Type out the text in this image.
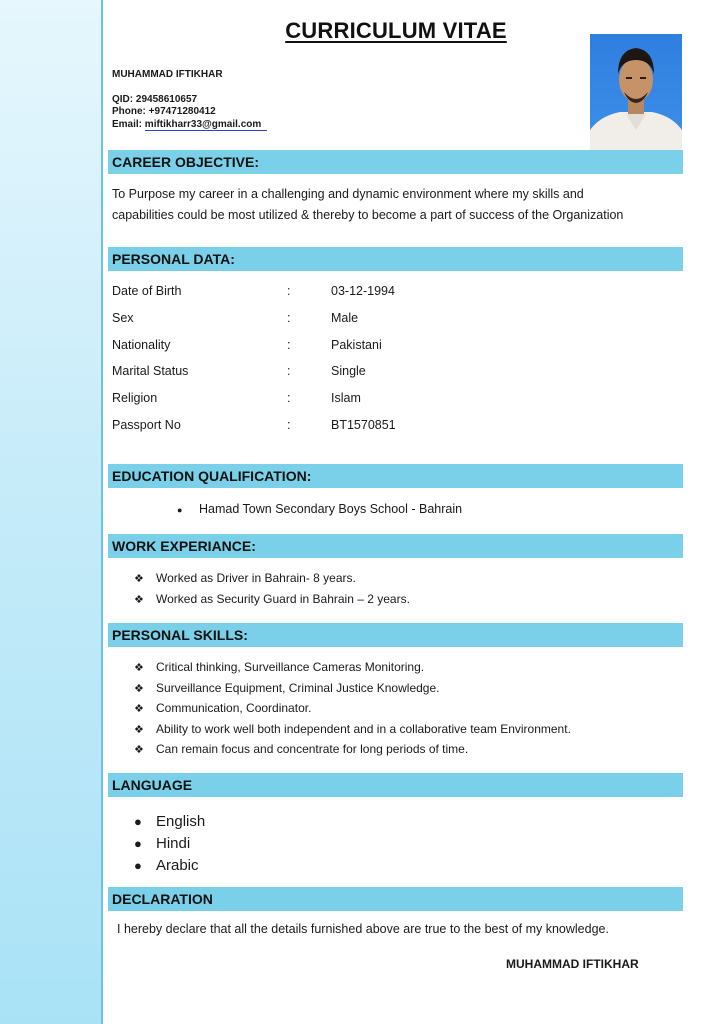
CURRICULUM VITAE
MUHAMMAD IFTIKHAR
QID: 29458610657
Phone: +97471280412
Email: miftikharr33@gmail.com
CAREER OBJECTIVE:
To Purpose my career in a challenging and dynamic environment where my skills and
capabilities could be most utilized & thereby to become a part of success of the Organization
PERSONAL DATA:
Date of Birth	:	03-12-1994
Sex	:	Male
Nationality	:	Pakistani
Marital Status	:	Single
Religion	:	Islam
Passport No	:	BT1570851
EDUCATION QUALIFICATION:
● Hamad Town Secondary Boys School - Bahrain
WORK EXPERIANCE:
❖ Worked as Driver in Bahrain- 8 years.
❖ Worked as Security Guard in Bahrain – 2 years.
PERSONAL SKILLS:
❖ Critical thinking, Surveillance Cameras Monitoring.
❖ Surveillance Equipment, Criminal Justice Knowledge.
❖ Communication, Coordinator.
❖ Ability to work well both independent and in a collaborative team Environment.
❖ Can remain focus and concentrate for long periods of time.
LANGUAGE
● English
● Hindi
● Arabic
DECLARATION
I hereby declare that all the details furnished above are true to the best of my knowledge.
MUHAMMAD IFTIKHAR
